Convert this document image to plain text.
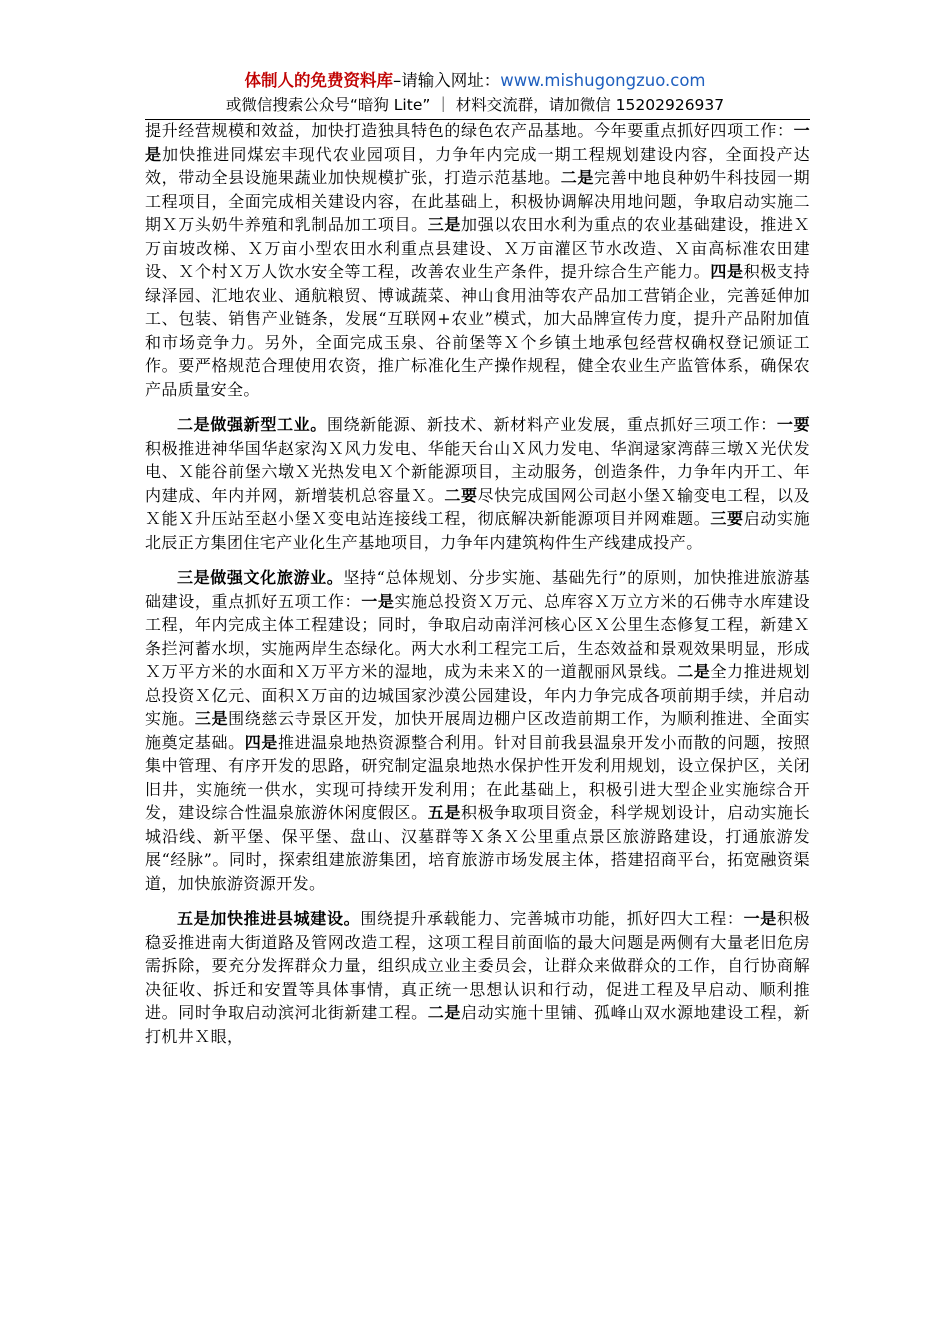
体制人的免费资料库–请输入网址：www.mishugongzuo.com
或微信搜索公众号“暗狗 Lite” ｜ 材料交流群，请加微信 15202926937

提升经营规模和效益，加快打造独具特色的绿色农产品基地。今年要重点抓好四项工作：一是加快推进同煤宏丰现代农业园项目，力争年内完成一期工程规划建设内容，全面投产达效，带动全县设施果蔬业加快规模扩张，打造示范基地。二是完善中地良种奶牛科技园一期工程项目，全面完成相关建设内容，在此基础上，积极协调解决用地问题，争取启动实施二期Ｘ万头奶牛养殖和乳制品加工项目。三是加强以农田水利为重点的农业基础建设，推进Ｘ万亩坡改梯、Ｘ万亩小型农田水利重点县建设、Ｘ万亩灌区节水改造、Ｘ亩高标准农田建设、Ｘ个村Ｘ万人饮水安全等工程，改善农业生产条件，提升综合生产能力。四是积极支持绿泽园、汇地农业、通航粮贸、博诚蔬菜、神山食用油等农产品加工营销企业，完善延伸加工、包装、销售产业链条，发展“互联网+农业”模式，加大品牌宣传力度，提升产品附加值和市场竞争力。另外，全面完成玉泉、谷前堡等Ｘ个乡镇土地承包经营权确权登记颁证工作。要严格规范合理使用农资，推广标准化生产操作规程，健全农业生产监管体系，确保农产品质量安全。

二是做强新型工业。围绕新能源、新技术、新材料产业发展，重点抓好三项工作：一要积极推进神华国华赵家沟Ｘ风力发电、华能天台山Ｘ风力发电、华润逯家湾薛三墩Ｘ光伏发电、Ｘ能谷前堡六墩Ｘ光热发电Ｘ个新能源项目，主动服务，创造条件，力争年内开工、年内建成、年内并网，新增装机总容量Ｘ。二要尽快完成国网公司赵小堡Ｘ输变电工程，以及Ｘ能Ｘ升压站至赵小堡Ｘ变电站连接线工程，彻底解决新能源项目并网难题。三要启动实施北辰正方集团住宅产业化生产基地项目，力争年内建筑构件生产线建成投产。

三是做强文化旅游业。坚持“总体规划、分步实施、基础先行”的原则，加快推进旅游基础建设，重点抓好五项工作：一是实施总投资Ｘ万元、总库容Ｘ万立方米的石佛寺水库建设工程，年内完成主体工程建设；同时，争取启动南洋河核心区Ｘ公里生态修复工程，新建Ｘ条拦河蓄水坝，实施两岸生态绿化。两大水利工程完工后，生态效益和景观效果明显，形成Ｘ万平方米的水面和Ｘ万平方米的湿地，成为未来Ｘ的一道靓丽风景线。二是全力推进规划总投资Ｘ亿元、面积Ｘ万亩的边城国家沙漠公园建设，年内力争完成各项前期手续，并启动实施。三是围绕慈云寺景区开发，加快开展周边棚户区改造前期工作，为顺利推进、全面实施奠定基础。四是推进温泉地热资源整合利用。针对目前我县温泉开发小而散的问题，按照集中管理、有序开发的思路，研究制定温泉地热水保护性开发利用规划，设立保护区，关闭旧井，实施统一供水，实现可持续开发利用；在此基础上，积极引进大型企业实施综合开发，建设综合性温泉旅游休闲度假区。五是积极争取项目资金，科学规划设计，启动实施长城沿线、新平堡、保平堡、盘山、汉墓群等Ｘ条Ｘ公里重点景区旅游路建设，打通旅游发展“经脉”。同时，探索组建旅游集团，培育旅游市场发展主体，搭建招商平台，拓宽融资渠道，加快旅游资源开发。

五是加快推进县城建设。围绕提升承载能力、完善城市功能，抓好四大工程：一是积极稳妥推进南大街道路及管网改造工程，这项工程目前面临的最大问题是两侧有大量老旧危房需拆除，要充分发挥群众力量，组织成立业主委员会，让群众来做群众的工作，自行协商解决征收、拆迁和安置等具体事情，真正统一思想认识和行动，促进工程及早启动、顺利推进。同时争取启动滨河北街新建工程。二是启动实施十里铺、孤峰山双水源地建设工程，新打机井Ｘ眼，
